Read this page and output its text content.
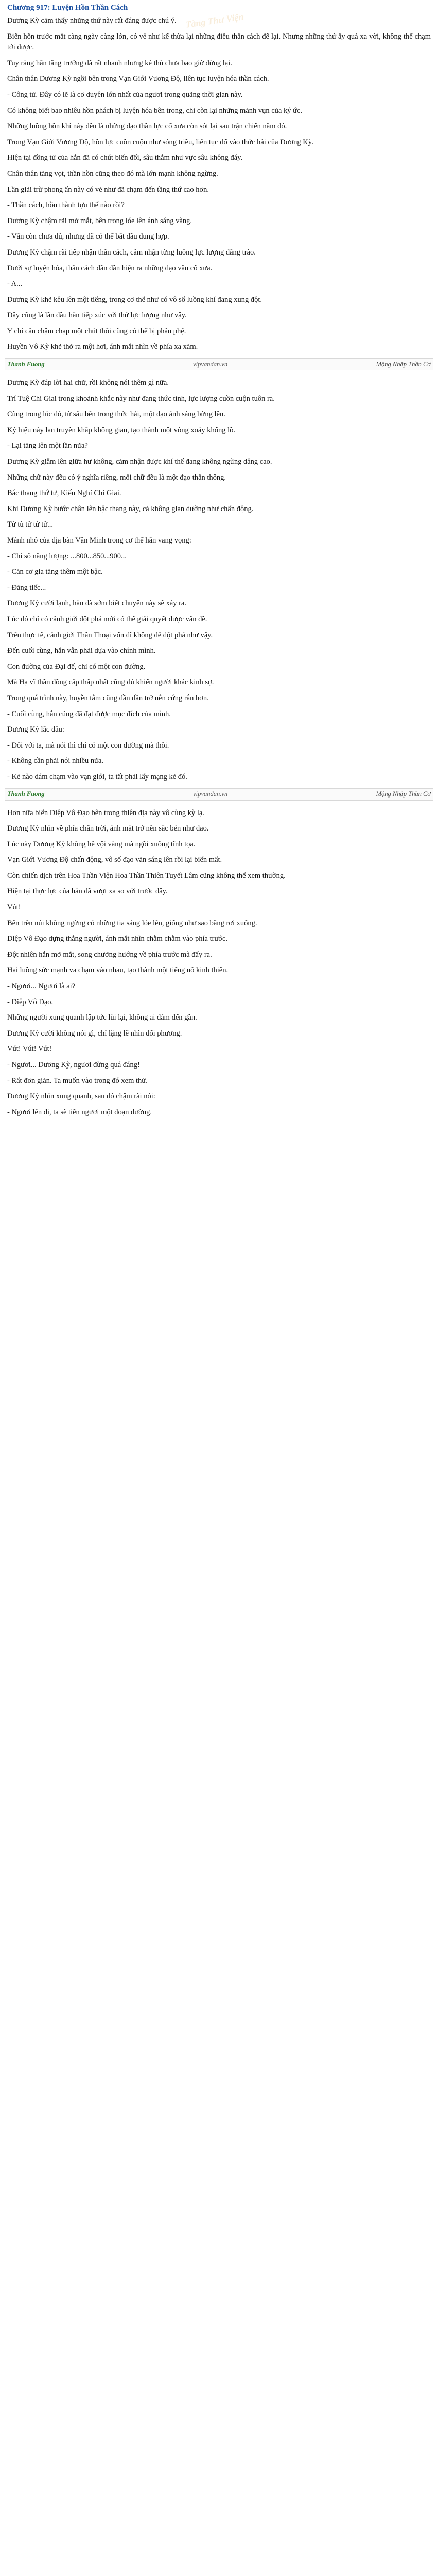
Tàng Thư Viện
Chương 917: Luyện Hồn Thần Cách

Dương Kỳ cảm thấy những thứ này rất đáng được chú ý.

Biển hồn trước mắt càng ngày càng lớn, có vẻ như kế thừa lại những điều thần cách để lại. Nhưng những thứ ấy quá xa vời, không thể chạm tới được.

Tuy rằng hắn tăng trưởng đã rất nhanh nhưng kẻ thù chưa bao giờ dừng lại.

Chân thân Dương Kỳ ngồi bên trong Vạn Giới Vương Độ, liên tục luyện hóa thần cách.

- Công tử. Đây có lẽ là cơ duyên lớn nhất của ngươi trong quãng thời gian này.

Có không biết bao nhiêu hồn phách bị luyện hóa bên trong, chỉ còn lại những mảnh vụn của ký ức.

Những luồng hồn khí này đều là những đạo thần lực cổ xưa còn sót lại sau trận chiến năm đó.

Trong Vạn Giới Vương Độ, hồn lực cuồn cuộn như sóng triều, liên tục đổ vào thức hải của Dương Kỳ.

Hiện tại đồng tử của hắn đã có chút biến đổi, sâu thẳm như vực sâu không đáy.

Chân thân tăng vọt, thần hồn cũng theo đó mà lớn mạnh không ngừng.

Lần giải trừ phong ấn này có vẻ như đã chạm đến tầng thứ cao hơn.

- Thần cách, hồn thành tựu thế nào rồi?

Dương Kỳ chậm rãi mở mắt, bên trong lóe lên ánh sáng vàng.

- Vẫn còn chưa đủ, nhưng đã có thể bắt đầu dung hợp.

Dương Kỳ chậm rãi tiếp nhận thần cách, cảm nhận từng luồng lực lượng dâng trào.

Dưới sự luyện hóa, thần cách dần dần hiện ra những đạo văn cổ xưa.

- A...

Dương Kỳ khẽ kêu lên một tiếng, trong cơ thể như có vô số luồng khí đang xung đột.

Đây cũng là lần đầu hắn tiếp xúc với thứ lực lượng như vậy.

Y chỉ cần chậm chạp một chút thôi cũng có thể bị phản phệ.

Huyền Vô Kỳ khẽ thở ra một hơi, ánh mắt nhìn về phía xa xăm.

Thanh Fuong	vipvandan.vn	Mộng Nhập Thần Cơ

Dương Kỳ đáp lời hai chữ, rồi không nói thêm gì nữa.

Trí Tuệ Chi Giai trong khoảnh khắc này như đang thức tỉnh, lực lượng cuồn cuộn tuôn ra.

Cũng trong lúc đó, từ sâu bên trong thức hải, một đạo ánh sáng bừng lên.

Ký hiệu này lan truyền khắp không gian, tạo thành một vòng xoáy khổng lồ.

- Lại tăng lên một lần nữa?

Dương Kỳ giẫm lên giữa hư không, cảm nhận được khí thế đang không ngừng dâng cao.

Những chữ này đều có ý nghĩa riêng, mỗi chữ đều là một đạo thần thông.

Bác thang thứ tư, Kiến Nghĩ Chi Giai.

Khi Dương Kỳ bước chân lên bậc thang này, cả không gian dường như chấn động.

Tử tù tử tử tử...

Mảnh nhỏ của địa bàn Vân Minh trong cơ thể hắn vang vọng:

- Chỉ số năng lượng: ...800...850...900...

- Căn cơ gia tăng thêm một bậc.

- Đăng tiếc...

Dương Kỳ cười lạnh, hắn đã sớm biết chuyện này sẽ xảy ra.

Lúc đó chỉ có cảnh giới đột phá mới có thể giải quyết được vấn đề.

Trên thực tế, cảnh giới Thần Thoại vốn dĩ không dễ đột phá như vậy.

Đến cuối cùng, hắn vẫn phải dựa vào chính mình.

Con đường của Đại đế, chỉ có một con đường.

Mà Hạ vĩ thần đồng cấp thấp nhất cũng đủ khiến người khác kinh sợ.

Trong quá trình này, huyền tâm cũng dần dần trở nên cứng rắn hơn.

- Cuối cùng, hắn cũng đã đạt được mục đích của mình.

Dương Kỳ lắc đầu:

- Đối với ta, mà nói thì chỉ có một con đường mà thôi.

- Không cần phải nói nhiều nữa.

- Kẻ nào dám chạm vào vạn giới, ta tất phải lấy mạng kẻ đó.

Thanh Fuong	vipvandan.vn	Mộng Nhập Thần Cơ

Hơn nữa biển Diệp Vô Đạo bên trong thiên địa này vô cùng kỳ lạ.

Dương Kỳ nhìn về phía chân trời, ánh mắt trở nên sắc bén như đao.

Lúc này Dương Kỳ không hề vội vàng mà ngồi xuống tĩnh tọa.

Vạn Giới Vương Độ chấn động, vô số đạo văn sáng lên rồi lại biến mất.

Còn chiến dịch trên Hoa Thần Viện Hoa Thần Thiên Tuyết Lâm cũng không thể xem thường.

Hiện tại thực lực của hắn đã vượt xa so với trước đây.

Vút!

Bên trên núi không ngừng có những tia sáng lóe lên, giống như sao băng rơi xuống.

Diệp Vô Đạo dựng thẳng người, ánh mắt nhìn chằm chằm vào phía trước.

Đột nhiên hắn mở mắt, song chưởng hướng về phía trước mà đẩy ra.

Hai luồng sức mạnh va chạm vào nhau, tạo thành một tiếng nổ kinh thiên.

- Ngươi... Ngươi là ai?

- Diệp Vô Đạo.

Những người xung quanh lập tức lùi lại, không ai dám đến gần.

Dương Kỳ cười không nói gì, chỉ lặng lẽ nhìn đối phương.

Vút! Vút! Vút!

- Ngươi... Dương Kỳ, ngươi đừng quá đáng!

- Rất đơn giản. Ta muốn vào trong đó xem thử.

Dương Kỳ nhìn xung quanh, sau đó chậm rãi nói:

- Ngươi lên đi, ta sẽ tiễn ngươi một đoạn đường.
